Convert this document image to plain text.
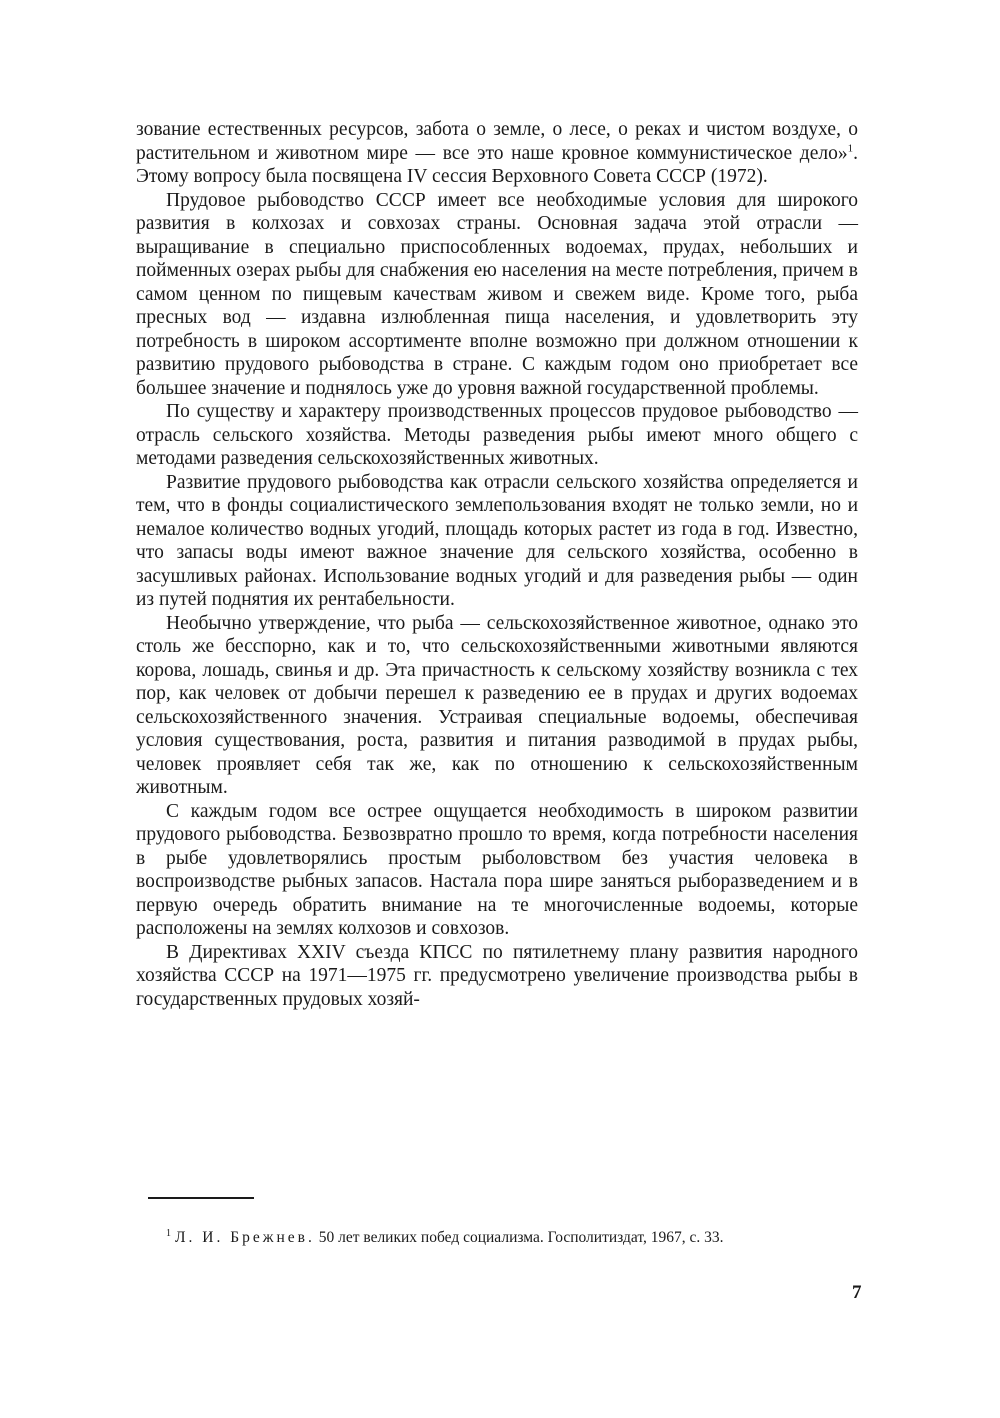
зование естественных ресурсов, забота о земле, о лесе, о реках и чистом воздухе, о растительном и животном мире — все это наше кровное коммунистическое дело»$^1$. Этому вопросу была посвящена IV сессия Верховного Совета СССР (1972).

Прудовое рыбоводство СССР имеет все необходимые условия для широкого развития в колхозах и совхозах страны. Основная задача этой отрасли — выращивание в специально приспособленных водоемах, прудах, небольших и пойменных озерах рыбы для снабжения ею населения на месте потребления, причем в самом ценном по пищевым качествам живом и свежем виде. Кроме того, рыба пресных вод — издавна излюбленная пища населения, и удовлетворить эту потребность в широком ассортименте вполне возможно при должном отношении к развитию прудового рыбоводства в стране. С каждым годом оно приобретает все большее значение и поднялось уже до уровня важной государственной проблемы.

По существу и характеру производственных процессов прудовое рыбоводство — отрасль сельского хозяйства. Методы разведения рыбы имеют много общего с методами разведения сельскохозяйственных животных.

Развитие прудового рыбоводства как отрасли сельского хозяйства определяется и тем, что в фонды социалистического землепользования входят не только земли, но и немалое количество водных угодий, площадь которых растет из года в год. Известно, что запасы воды имеют важное значение для сельского хозяйства, особенно в засушливых районах. Использование водных угодий и для разведения рыбы — один из путей поднятия их рентабельности.

Необычно утверждение, что рыба — сельскохозяйственное животное, однако это столь же бесспорно, как и то, что сельскохозяйственными животными являются корова, лошадь, свинья и др. Эта причастность к сельскому хозяйству возникла с тех пор, как человек от добычи перешел к разведению ее в прудах и других водоемах сельскохозяйственного значения. Устраивая специальные водоемы, обеспечивая условия существования, роста, развития и питания разводимой в прудах рыбы, человек проявляет себя так же, как по отношению к сельскохозяйственным животным.

С каждым годом все острее ощущается необходимость в широком развитии прудового рыбоводства. Безвозвратно прошло то время, когда потребности населения в рыбе удовлетворялись простым рыболовством без участия человека в воспроизводстве рыбных запасов. Настала пора шире заняться рыборазведением и в первую очередь обратить внимание на те многочисленные водоемы, которые расположены на землях колхозов и совхозов.

В Директивах XXIV съезда КПСС по пятилетнему плану развития народного хозяйства СССР на 1971—1975 гг. предусмотрено увеличение производства рыбы в государственных прудовых хозяй-

$^1$ Л. И. Брежнев. 50 лет великих побед социализма. Госполитиздат, 1967, с. 33.
7
